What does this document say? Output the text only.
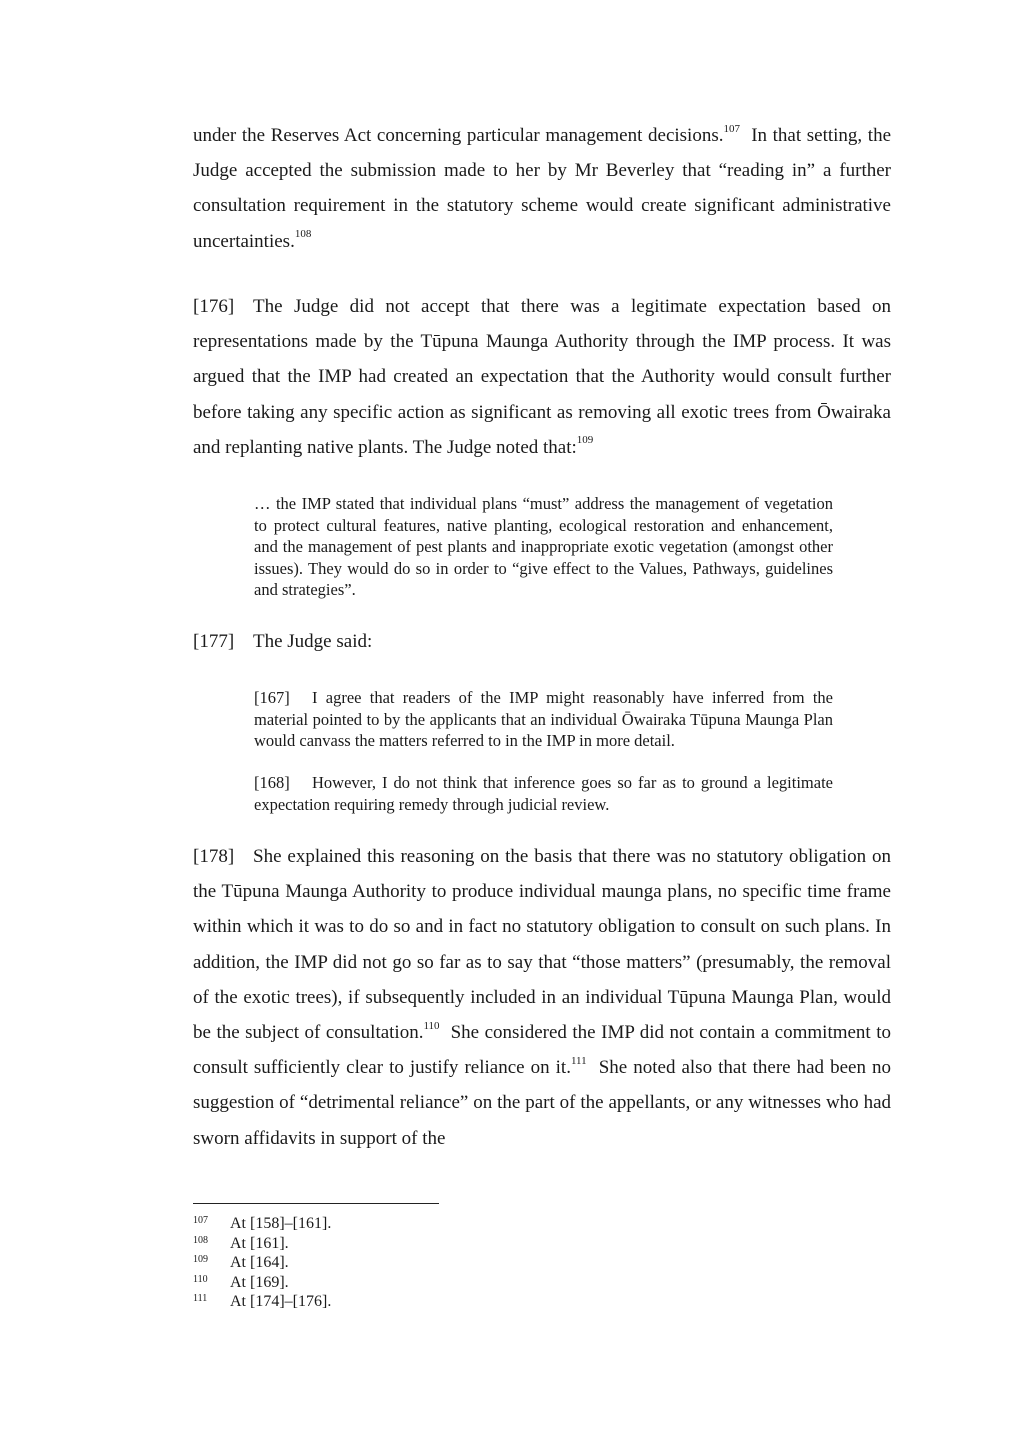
under the Reserves Act concerning particular management decisions.$^{107}$  In that setting, the Judge accepted the submission made to her by Mr Beverley that “reading in” a further consultation requirement in the statutory scheme would create significant administrative uncertainties.$^{108}$

[176] The Judge did not accept that there was a legitimate expectation based on representations made by the Tūpuna Maunga Authority through the IMP process. It was argued that the IMP had created an expectation that the Authority would consult further before taking any specific action as significant as removing all exotic trees from Ōwairaka and replanting native plants. The Judge noted that:$^{109}$

… the IMP stated that individual plans “must” address the management of vegetation to protect cultural features, native planting, ecological restoration and enhancement, and the management of pest plants and inappropriate exotic vegetation (amongst other issues). They would do so in order to “give effect to the Values, Pathways, guidelines and strategies”.

[177] The Judge said:

[167] I agree that readers of the IMP might reasonably have inferred from the material pointed to by the applicants that an individual Ōwairaka Tūpuna Maunga Plan would canvass the matters referred to in the IMP in more detail.

[168] However, I do not think that inference goes so far as to ground a legitimate expectation requiring remedy through judicial review.

[178] She explained this reasoning on the basis that there was no statutory obligation on the Tūpuna Maunga Authority to produce individual maunga plans, no specific time frame within which it was to do so and in fact no statutory obligation to consult on such plans. In addition, the IMP did not go so far as to say that “those matters” (presumably, the removal of the exotic trees), if subsequently included in an individual Tūpuna Maunga Plan, would be the subject of consultation.$^{110}$  She considered the IMP did not contain a commitment to consult sufficiently clear to justify reliance on it.$^{111}$  She noted also that there had been no suggestion of “detrimental reliance” on the part of the appellants, or any witnesses who had sworn affidavits in support of the

107 At [158]–[161].
108 At [161].
109 At [164].
110 At [169].
111 At [174]–[176].
